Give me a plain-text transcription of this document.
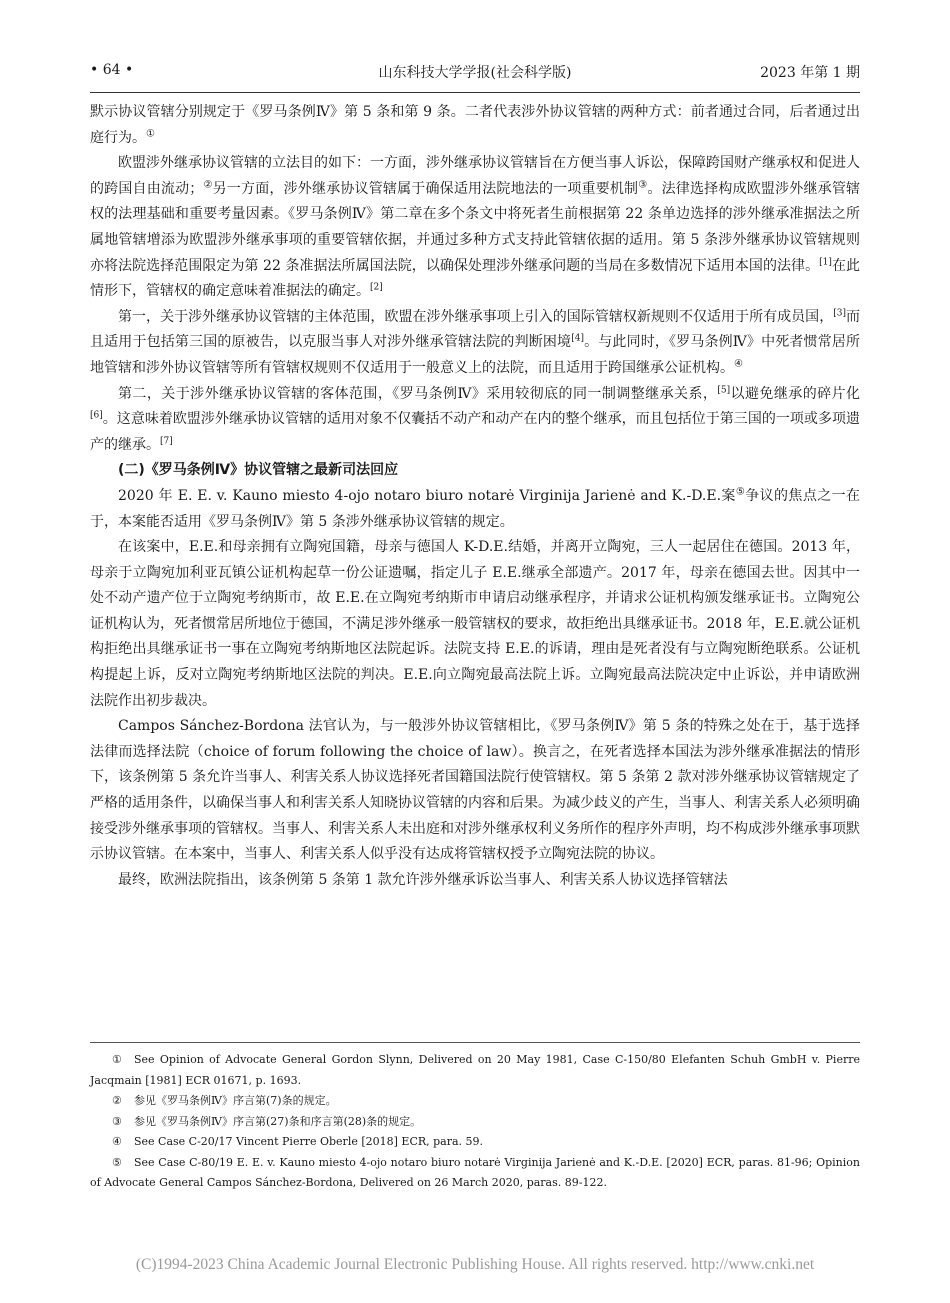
• 64 •	山东科技大学学报(社会科学版)	2023 年第 1 期

默示协议管辖分别规定于《罗马条例Ⅳ》第 5 条和第 9 条。二者代表涉外协议管辖的两种方式：前者通过合同，后者通过出庭行为。①

欧盟涉外继承协议管辖的立法目的如下：一方面，涉外继承协议管辖旨在方便当事人诉讼，保障跨国财产继承权和促进人的跨国自由流动；②另一方面，涉外继承协议管辖属于确保适用法院地法的一项重要机制③。法律选择构成欧盟涉外继承管辖权的法理基础和重要考量因素。《罗马条例Ⅳ》第二章在多个条文中将死者生前根据第 22 条单边选择的涉外继承准据法之所属地管辖增添为欧盟涉外继承事项的重要管辖依据，并通过多种方式支持此管辖依据的适用。第 5 条涉外继承协议管辖规则亦将法院选择范围限定为第 22 条准据法所属国法院，以确保处理涉外继承问题的当局在多数情况下适用本国的法律。[1]在此情形下，管辖权的确定意味着准据法的确定。[2]

第一，关于涉外继承协议管辖的主体范围，欧盟在涉外继承事项上引入的国际管辖权新规则不仅适用于所有成员国，[3]而且适用于包括第三国的原被告，以克服当事人对涉外继承管辖法院的判断困境[4]。与此同时，《罗马条例Ⅳ》中死者惯常居所地管辖和涉外协议管辖等所有管辖权规则不仅适用于一般意义上的法院，而且适用于跨国继承公证机构。④

第二，关于涉外继承协议管辖的客体范围，《罗马条例Ⅳ》采用较彻底的同一制调整继承关系，[5]以避免继承的碎片化[6]。这意味着欧盟涉外继承协议管辖的适用对象不仅囊括不动产和动产在内的整个继承，而且包括位于第三国的一项或多项遗产的继承。[7]

(二)《罗马条例Ⅳ》协议管辖之最新司法回应

2020 年 E. E. v. Kauno miesto 4-ojo notaro biuro notarė Virginija Jarienė and K.-D.E.案⑤争议的焦点之一在于，本案能否适用《罗马条例Ⅳ》第 5 条涉外继承协议管辖的规定。

在该案中，E.E.和母亲拥有立陶宛国籍，母亲与德国人 K-D.E.结婚，并离开立陶宛，三人一起居住在德国。2013 年，母亲于立陶宛加利亚瓦镇公证机构起草一份公证遗嘱，指定儿子 E.E.继承全部遗产。2017 年，母亲在德国去世。因其中一处不动产遗产位于立陶宛考纳斯市，故 E.E.在立陶宛考纳斯市申请启动继承程序，并请求公证机构颁发继承证书。立陶宛公证机构认为，死者惯常居所地位于德国，不满足涉外继承一般管辖权的要求，故拒绝出具继承证书。2018 年，E.E.就公证机构拒绝出具继承证书一事在立陶宛考纳斯地区法院起诉。法院支持 E.E.的诉请，理由是死者没有与立陶宛断绝联系。公证机构提起上诉，反对立陶宛考纳斯地区法院的判决。E.E.向立陶宛最高法院上诉。立陶宛最高法院决定中止诉讼，并申请欧洲法院作出初步裁决。

Campos Sánchez-Bordona 法官认为，与一般涉外协议管辖相比，《罗马条例Ⅳ》第 5 条的特殊之处在于，基于选择法律而选择法院（choice of forum following the choice of law）。换言之，在死者选择本国法为涉外继承准据法的情形下，该条例第 5 条允许当事人、利害关系人协议选择死者国籍国法院行使管辖权。第 5 条第 2 款对涉外继承协议管辖规定了严格的适用条件，以确保当事人和利害关系人知晓协议管辖的内容和后果。为减少歧义的产生，当事人、利害关系人必须明确接受涉外继承事项的管辖权。当事人、利害关系人未出庭和对涉外继承权利义务所作的程序外声明，均不构成涉外继承事项默示协议管辖。在本案中，当事人、利害关系人似乎没有达成将管辖权授予立陶宛法院的协议。

最终，欧洲法院指出，该条例第 5 条第 1 款允许涉外继承诉讼当事人、利害关系人协议选择管辖法

① See Opinion of Advocate General Gordon Slynn, Delivered on 20 May 1981, Case C-150/80 Elefanten Schuh GmbH v. Pierre Jacqmain [1981] ECR 01671, p. 1693.

② 参见《罗马条例Ⅳ》序言第(7)条的规定。

③ 参见《罗马条例Ⅳ》序言第(27)条和序言第(28)条的规定。

④ See Case C-20/17 Vincent Pierre Oberle [2018] ECR, para. 59.

⑤ See Case C-80/19 E. E. v. Kauno miesto 4-ojo notaro biuro notarė Virginija Jarienė and K.-D.E. [2020] ECR, paras. 81-96; Opinion of Advocate General Campos Sánchez-Bordona, Delivered on 26 March 2020, paras. 89-122.

(C)1994-2023 China Academic Journal Electronic Publishing House. All rights reserved. http://www.cnki.net
